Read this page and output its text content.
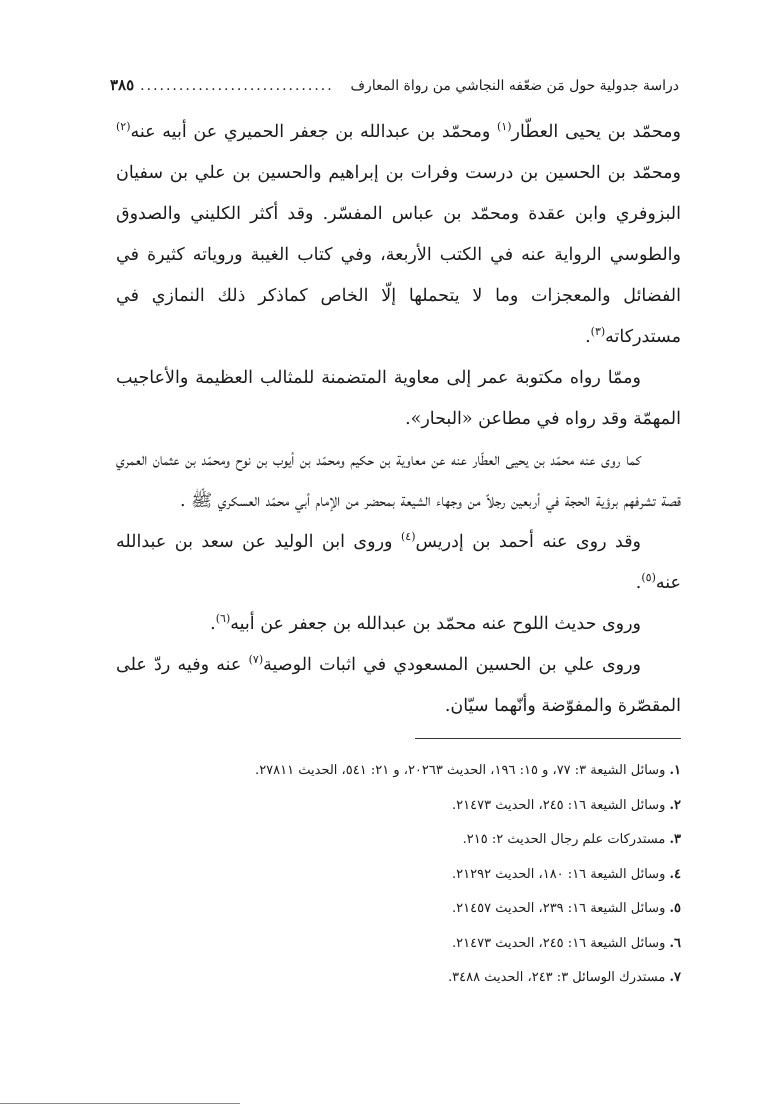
دراسة جدولية حول مَن ضعّفه النجاشي من رواة المعارف
..............................
٣٨٥

ومحمّد بن يحيى العطّار$^{(١)}$ ومحمّد بن عبدالله بن جعفر الحميري عن أبيه عنه$^{(٢)}$ ومحمّد بن الحسين بن درست وفرات بن إبراهيم والحسين بن علي بن سفيان البزوفري وابن عقدة ومحمّد بن عباس المفسّر. وقد أكثر الكليني والصدوق والطوسي الرواية عنه في الكتب الأربعة، وفي كتاب الغيبة وروياته كثيرة في الفضائل والمعجزات وما لا يتحملها إلّا الخاص كماذكر ذلك النمازي في مستدركاته$^{(٣)}$.

وممّا رواه مكتوبة عمر إلى معاوية المتضمنة للمثالب العظيمة والأعاجيب المهمّة وقد رواه في مطاعن «البحار».

كما روى عنه محمّد بن يحيى العطّار عنه عن معاوية بن حكيم ومحمّد بن أيوب بن نوح ومحمّد بن عثمان العمري قصة تشرفهم برؤية الحجة في أربعين رجلاً من وجهاء الشيعة بمحضر من الإمام أبي محمّد العسكري ﷺ .

وقد روى عنه أحمد بن إدريس$^{(٤)}$ وروى ابن الوليد عن سعد بن عبدالله عنه$^{(٥)}$.

وروى حديث اللوح عنه محمّد بن عبدالله بن جعفر عن أبيه$^{(٦)}$.

وروى علي بن الحسين المسعودي في اثبات الوصية$^{(٧)}$ عنه وفيه ردّ على المقصّرة والمفوّضة وأنّهما سيّان.

١. وسائل الشيعة ٣: ٧٧، و ١٥: ١٩٦، الحديث ٢٠٢٦٣، و ٢١: ٥٤١، الحديث ٢٧٨١١.
٢. وسائل الشيعة ١٦: ٢٤٥، الحديث ٢١٤٧٣.
٣. مستدركات علم رجال الحديث ٢: ٢١٥.
٤. وسائل الشيعة ١٦: ١٨٠، الحديث ٢١٢٩٢.
٥. وسائل الشيعة ١٦: ٢٣٩، الحديث ٢١٤٥٧.
٦. وسائل الشيعة ١٦: ٢٤٥، الحديث ٢١٤٧٣.
٧. مستدرك الوسائل ٣: ٢٤٣، الحديث ٣٤٨٨.
